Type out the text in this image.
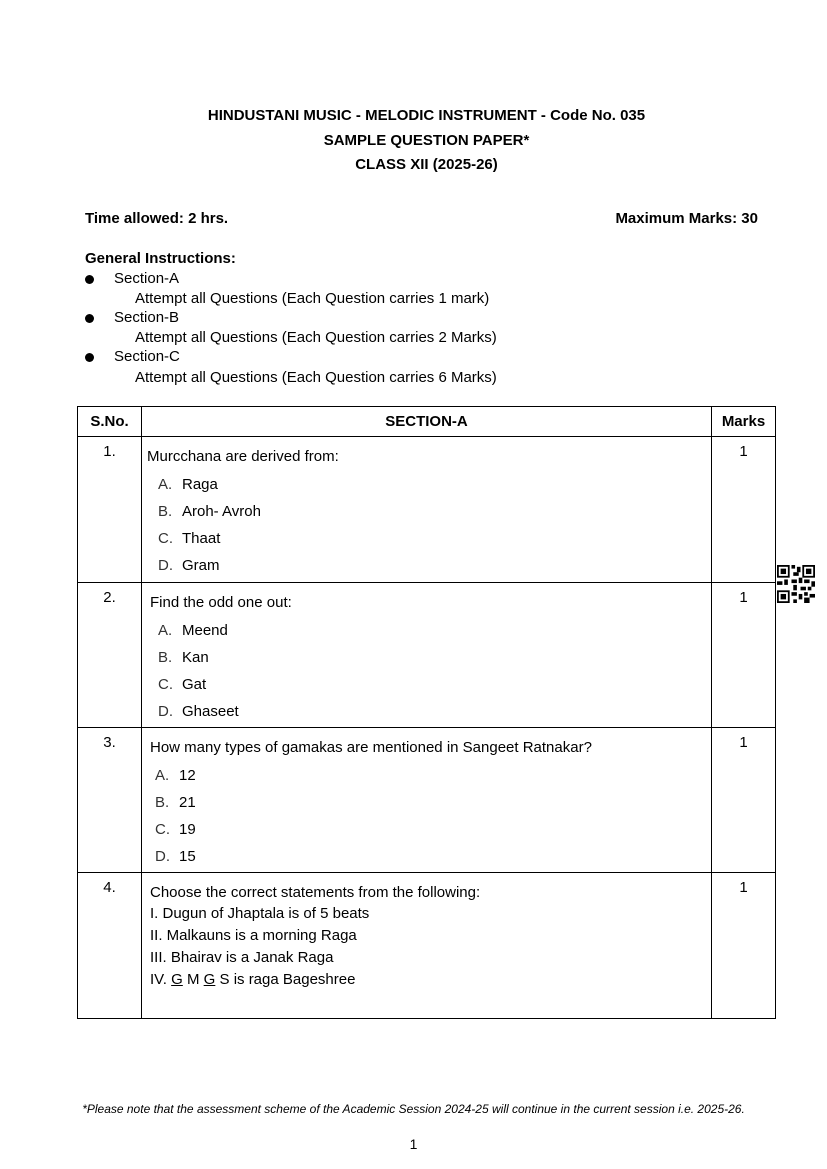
HINDUSTANI MUSIC - MELODIC INSTRUMENT - Code No. 035
SAMPLE QUESTION PAPER*
CLASS XII (2025-26)
Time allowed: 2 hrs.	Maximum Marks: 30
General Instructions:
Section-A
Attempt all Questions (Each Question carries 1 mark)
Section-B
Attempt all Questions (Each Question carries 2 Marks)
Section-C
Attempt all Questions (Each Question carries 6 Marks)
S.No.	SECTION-A	Marks
1.	Murcchana are derived from:
A. Raga
B. Aroh- Avroh
C. Thaat
D. Gram	1
2.	Find the odd one out:
A. Meend
B. Kan
C. Gat
D. Ghaseet	1
3.	How many types of gamakas are mentioned in Sangeet Ratnakar?
A. 12
B. 21
C. 19
D. 15	1
4.	Choose the correct statements from the following:
I. Dugun of Jhaptala is of 5 beats
II. Malkauns is a morning Raga
III. Bhairav is a Janak Raga
IV. G M G S is raga Bageshree	1
*Please note that the assessment scheme of the Academic Session 2024-25 will continue in the current session i.e. 2025-26.
1
